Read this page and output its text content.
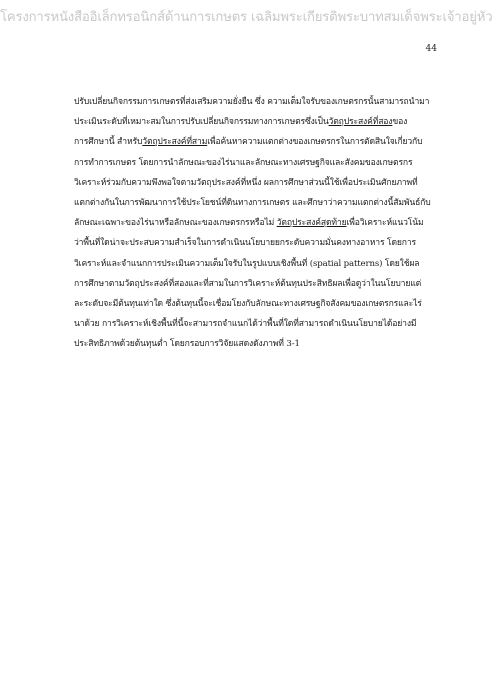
โครงการหนังสืออิเล็กทรอนิกส์ด้านการเกษตร เฉลิมพระเกียรติพระบาทสมเด็จพระเจ้าอยู่หัว
44
ปรับเปลี่ยนกิจกรรมการเกษตรที่ส่งเสริมความยั่งยืน ซึ่ง ความเต็มใจรับของเกษตรกรนั้นสามารถนำมา
ประเมินระดับที่เหมาะสมในการปรับเปลี่ยนกิจกรรมทางการเกษตรซึ่งเป็นวัตถุประสงค์ที่สองของ
การศึกษานี้ สำหรับวัตถุประสงค์ที่สามเพื่อค้นหาความแตกต่างของเกษตรกรในการตัดสินใจเกี่ยวกับ
การทำการเกษตร โดยการนำลักษณะของไร่นาและลักษณะทางเศรษฐกิจและสังคมของเกษตรกร
วิเคราะห์ร่วมกับความพึงพอใจตามวัตถุประสงค์ที่หนึ่ง ผลการศึกษาส่วนนี้ใช้เพื่อประเมินศักยภาพที่
แตกต่างกันในการพัฒนาการใช้ประโยชน์ที่ดินทางการเกษตร และศึกษาว่าความแตกต่างนี้สัมพันธ์กับ
ลักษณะเฉพาะของไร่นาหรือลักษณะของเกษตรกรหรือไม่ วัตถุประสงค์สุดท้ายเพื่อวิเคราะห์แนวโน้ม
ว่าพื้นที่ใดน่าจะประสบความสำเร็จในการดำเนินนโยบายยกระดับความมั่นคงทางอาหาร โดยการ
วิเคราะห์และจำแนกการประเมินความเต็มใจรับในรูปแบบเชิงพื้นที่ (spatial patterns) โดยใช้ผล
การศึกษาตามวัตถุประสงค์ที่สองและที่สามในการวิเคราะห์ต้นทุนประสิทธิผลเพื่อดูว่าในนโยบายแต่
ละระดับจะมีต้นทุนเท่าใด ซึ่งต้นทุนนี้จะเชื่อมโยงกับลักษณะทางเศรษฐกิจสังคมของเกษตรกรและไร่
นาด้วย การวิเคราะห์เชิงพื้นที่นี้จะสามารถจำแนกได้ว่าพื้นที่ใดที่สามารถดำเนินนโยบายได้อย่างมี
ประสิทธิภาพด้วยต้นทุนต่ำ โดยกรอบการวิจัยแสดงดังภาพที่ 3-1
